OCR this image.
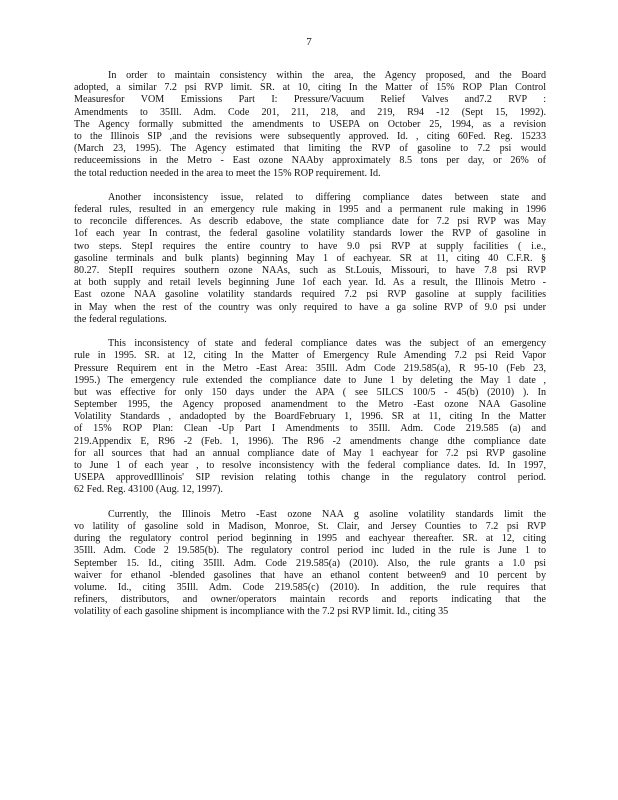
7
In order to maintain consistency within the area, the Agency proposed, and the Board
adopted, a similar 7.2 psi RVP limit. SR. at 10, citing In the Matter of 15% ROP Plan Control
Measuresfor VOM Emissions Part I: Pressure/Vacuum Relief Valves and7.2 RVP :
Amendments to 35Ill. Adm. Code 201, 211, 218, and 219, R94 -12 (Sept 15, 1992).
The Agency formally submitted the amendments to USEPA on October 25, 1994, as a revision
to the Illinois SIP ,and the revisions were subsequently approved. Id. , citing 60Fed. Reg. 15233
(March 23, 1995). The Agency estimated that limiting the RVP of gasoline to 7.2 psi would
reduceemissions in the Metro - East ozone NAAby approximately 8.5 tons per day, or 26% of
the total reduction needed in the area to meet the 15% ROP requirement. Id.
Another inconsistency issue, related to differing compliance dates between state and
federal rules, resulted in an emergency rule making in 1995 and a permanent rule making in 1996
to reconcile differences. As describ edabove, the state compliance date for 7.2 psi RVP was May
1of each year In contrast, the federal gasoline volatility standards lower the RVP of gasoline in
two steps. StepI requires the entire country to have 9.0 psi RVP at supply facilities ( i.e.,
gasoline terminals and bulk plants) beginning May 1 of eachyear. SR at 11, citing 40 C.F.R. §
80.27. StepII requires southern ozone NAAs, such as St.Louis, Missouri, to have 7.8 psi RVP
at both supply and retail levels beginning June 1of each year. Id. As a result, the Illinois Metro -
East ozone NAA gasoline volatility standards required 7.2 psi RVP gasoline at supply facilities
in May when the rest of the country was only required to have a ga soline RVP of 9.0 psi under
the federal regulations.
This inconsistency of state and federal compliance dates was the subject of an emergency
rule in 1995. SR. at 12, citing In the Matter of Emergency Rule Amending 7.2 psi Reid Vapor
Pressure Requirem ent in the Metro -East Area: 35Ill. Adm Code 219.585(a), R 95-10 (Feb 23,
1995.) The emergency rule extended the compliance date to June 1 by deleting the May 1 date ,
but was effective for only 150 days under the APA ( see 5ILCS 100/5 - 45(b) (2010) ). In
September 1995, the Agency proposed anamendment to the Metro -East ozone NAA Gasoline
Volatility Standards , andadopted by the BoardFebruary 1, 1996. SR at 11, citing In the Matter
of 15% ROP Plan: Clean -Up Part I Amendments to 35Ill. Adm. Code 219.585 (a) and
219.Appendix E, R96 -2 (Feb. 1, 1996). The R96 -2 amendments change dthe compliance date
for all sources that had an annual compliance date of May 1 eachyear for 7.2 psi RVP gasoline
to June 1 of each year , to resolve inconsistency with the federal compliance dates. Id. In 1997,
USEPA approvedIllinois' SIP revision relating tothis change in the regulatory control period.
62 Fed. Reg. 43100 (Aug. 12, 1997).
Currently, the Illinois Metro -East ozone NAA g asoline volatility standards limit the
vo latility of gasoline sold in Madison, Monroe, St. Clair, and Jersey Counties to 7.2 psi RVP
during the regulatory control period beginning in 1995 and eachyear thereafter. SR. at 12, citing
35Ill. Adm. Code 2 19.585(b). The regulatory control period inc luded in the rule is June 1 to
September 15. Id., citing 35Ill. Adm. Code 219.585(a) (2010). Also, the rule grants a 1.0 psi
waiver for ethanol -blended gasolines that have an ethanol content between9 and 10 percent by
volume. Id., citing 35Ill. Adm. Code 219.585(c) (2010). In addition, the rule requires that
refiners, distributors, and owner/operators maintain records and reports indicating that the
volatility of each gasoline shipment is incompliance with the 7.2 psi RVP limit. Id., citing 35
